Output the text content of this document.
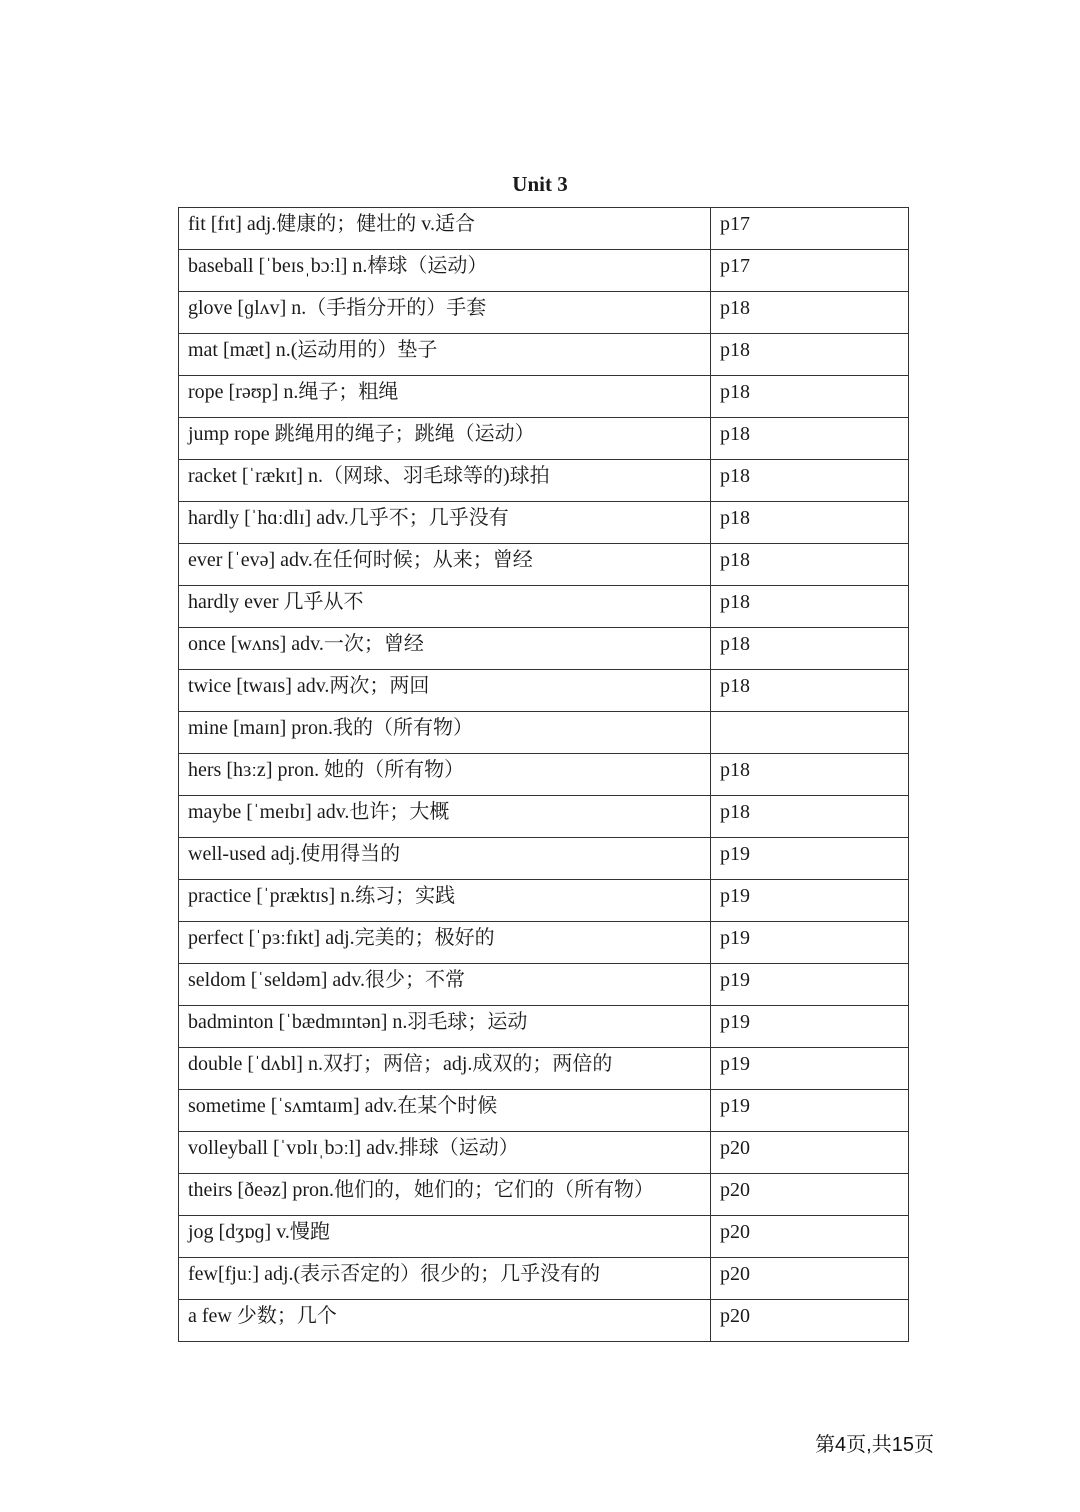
Unit 3
fit [fɪt] adj.健康的；健壮的 v.适合	p17
baseball [ˈbeɪsˌbɔːl] n.棒球（运动）	p17
glove [ɡlʌv] n.（手指分开的）手套	p18
mat [mæt] n.(运动用的）垫子	p18
rope [rəʊp] n.绳子；粗绳	p18
jump rope 跳绳用的绳子；跳绳（运动）	p18
racket [ˈrækɪt] n.（网球、羽毛球等的)球拍	p18
hardly [ˈhɑːdlɪ] adv.几乎不；几乎没有	p18
ever [ˈevə] adv.在任何时候；从来；曾经	p18
hardly ever 几乎从不	p18
once [wʌns] adv.一次；曾经	p18
twice [twaɪs] adv.两次；两回	p18
mine [maɪn] pron.我的（所有物）	
hers [hɜːz] pron. 她的（所有物）	p18
maybe [ˈmeɪbɪ] adv.也许；大概	p18
well-used adj.使用得当的	p19
practice [ˈpræktɪs] n.练习；实践	p19
perfect [ˈpɜːfɪkt] adj.完美的；极好的	p19
seldom [ˈseldəm] adv.很少；不常	p19
badminton [ˈbædmɪntən] n.羽毛球；运动	p19
double [ˈdʌbl] n.双打；两倍；adj.成双的；两倍的	p19
sometime [ˈsʌmtaɪm] adv.在某个时候	p19
volleyball [ˈvɒlɪˌbɔːl] adv.排球（运动）	p20
theirs [ðeəz] pron.他们的，她们的；它们的（所有物）	p20
jog [dʒɒɡ] v.慢跑	p20
few[fjuː] adj.(表示否定的）很少的；几乎没有的	p20
a few 少数；几个	p20
第4页,共15页
